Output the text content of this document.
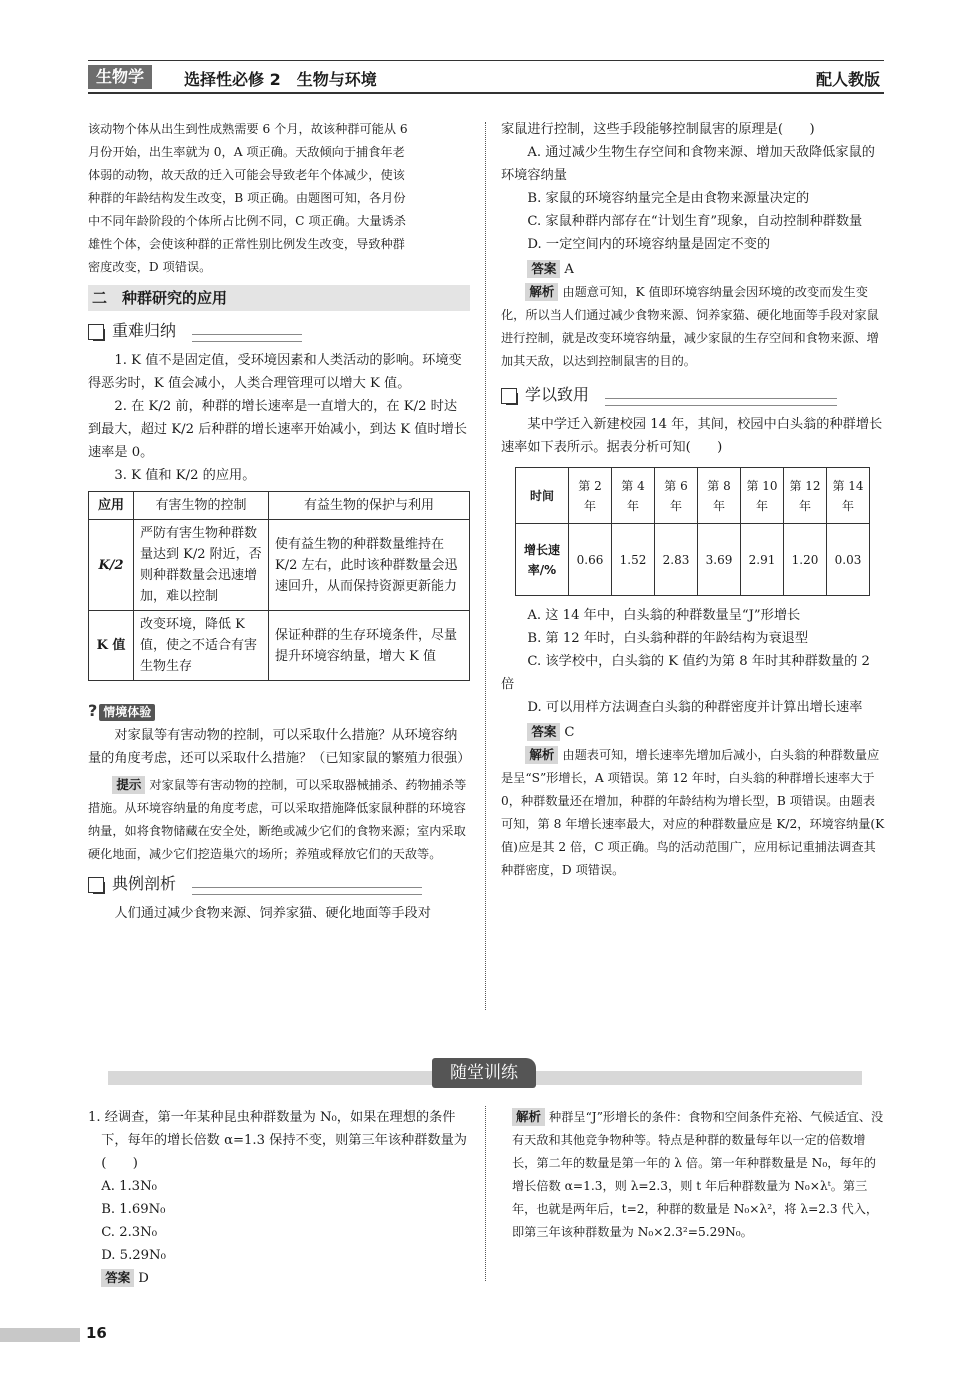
生物学	选择性必修 2　生物与环境	配人教版

该动物个体从出生到性成熟需要 6 个月，故该种群可能从 6

月份开始，出生率就为 0，A 项正确。天敌倾向于捕食年老

体弱的动物，故天敌的迁入可能会导致老年个体减少，使该

种群的年龄结构发生改变，B 项正确。由题图可知，各月份

中不同年龄阶段的个体所占比例不同，C 项正确。大量诱杀

雄性个体，会使该种群的正常性别比例发生改变，导致种群

密度改变，D 项错误。

二　种群研究的应用
重难归纳

1. K 值不是固定值，受环境因素和人类活动的影响。环境变得恶劣时，K 值会减小，人类合理管理可以增大 K 值。

2. 在 K/2 前，种群的增长速率是一直增大的，在 K/2 时达到最大，超过 K/2 后种群的增长速率开始减小，到达 K 值时增长速率是 0。

3. K 值和 K/2 的应用。

应用	有害生物的控制	有益生物的保护与利用
K/2	严防有害生物种群数量达到 K/2 附近，否则种群数量会迅速增加，难以控制	使有益生物的种群数量维持在 K/2 左右，此时该种群数量会迅速回升，从而保持资源更新能力
K 值	改变环境，降低 K 值，使之不适合有害生物生存	保证种群的生存环境条件，尽量提升环境容纳量，增大 K 值
? 情境体验

对家鼠等有害动物的控制，可以采取什么措施？从环境容纳量的角度考虑，还可以采取什么措施？（已知家鼠的繁殖力很强）

提示 对家鼠等有害动物的控制，可以采取器械捕杀、药物捕杀等措施。从环境容纳量的角度考虑，可以采取措施降低家鼠种群的环境容纳量，如将食物储藏在安全处，断绝或减少它们的食物来源；室内采取硬化地面，减少它们挖造巢穴的场所；养殖或释放它们的天敌等。

典例剖析

人们通过减少食物来源、饲养家猫、硬化地面等手段对

家鼠进行控制，这些手段能够控制鼠害的原理是(　　)

A. 通过减少生物生存空间和食物来源、增加天敌降低家鼠的环境容纳量

B. 家鼠的环境容纳量完全是由食物来源量决定的

C. 家鼠种群内部存在“计划生育”现象，自动控制种群数量

D. 一定空间内的环境容纳量是固定不变的

答案 A

解析 由题意可知，K 值即环境容纳量会因环境的改变而发生变化，所以当人们通过减少食物来源、饲养家猫、硬化地面等手段对家鼠进行控制，就是改变环境容纳量，减少家鼠的生存空间和食物来源、增加其天敌，以达到控制鼠害的目的。

学以致用

某中学迁入新建校园 14 年，其间，校园中白头翁的种群增长速率如下表所示。据表分析可知(　　)

时间	第 2 年	第 4 年	第 6 年	第 8 年	第 10 年	第 12 年	第 14 年
增长速率/%	0.66	1.52	2.83	3.69	2.91	1.20	0.03

A. 这 14 年中，白头翁的种群数量呈“J”形增长

B. 第 12 年时，白头翁种群的年龄结构为衰退型

C. 该学校中，白头翁的 K 值约为第 8 年时其种群数量的 2 倍

D. 可以用样方法调查白头翁的种群密度并计算出增长速率

答案 C

解析 由题表可知，增长速率先增加后减小，白头翁的种群数量应是呈“S”形增长，A 项错误。第 12 年时，白头翁的种群增长速率大于 0，种群数量还在增加，种群的年龄结构为增长型，B 项错误。由题表可知，第 8 年增长速率最大，对应的种群数量应是 K/2，环境容纳量(K 值)应是其 2 倍，C 项正确。鸟的活动范围广，应用标记重捕法调查其种群密度，D 项错误。

随堂训练

1. 经调查，第一年某种昆虫种群数量为 N₀，如果在理想的条件下，每年的增长倍数 α=1.3 保持不变，则第三年该种群数量为(　　)

A. 1.3N₀

B. 1.69N₀

C. 2.3N₀

D. 5.29N₀

答案 D

解析 种群呈“J”形增长的条件：食物和空间条件充裕、气候适宜、没有天敌和其他竞争物种等。特点是种群的数量每年以一定的倍数增长，第二年的数量是第一年的 λ 倍。第一年种群数量是 N₀，每年的增长倍数 α=1.3，则 λ=2.3，则 t 年后种群数量为 N₀×λᵗ。第三年，也就是两年后，t=2，种群的数量是 N₀×λ²，将 λ=2.3 代入，即第三年该种群数量为 N₀×2.3²=5.29N₀。

16
